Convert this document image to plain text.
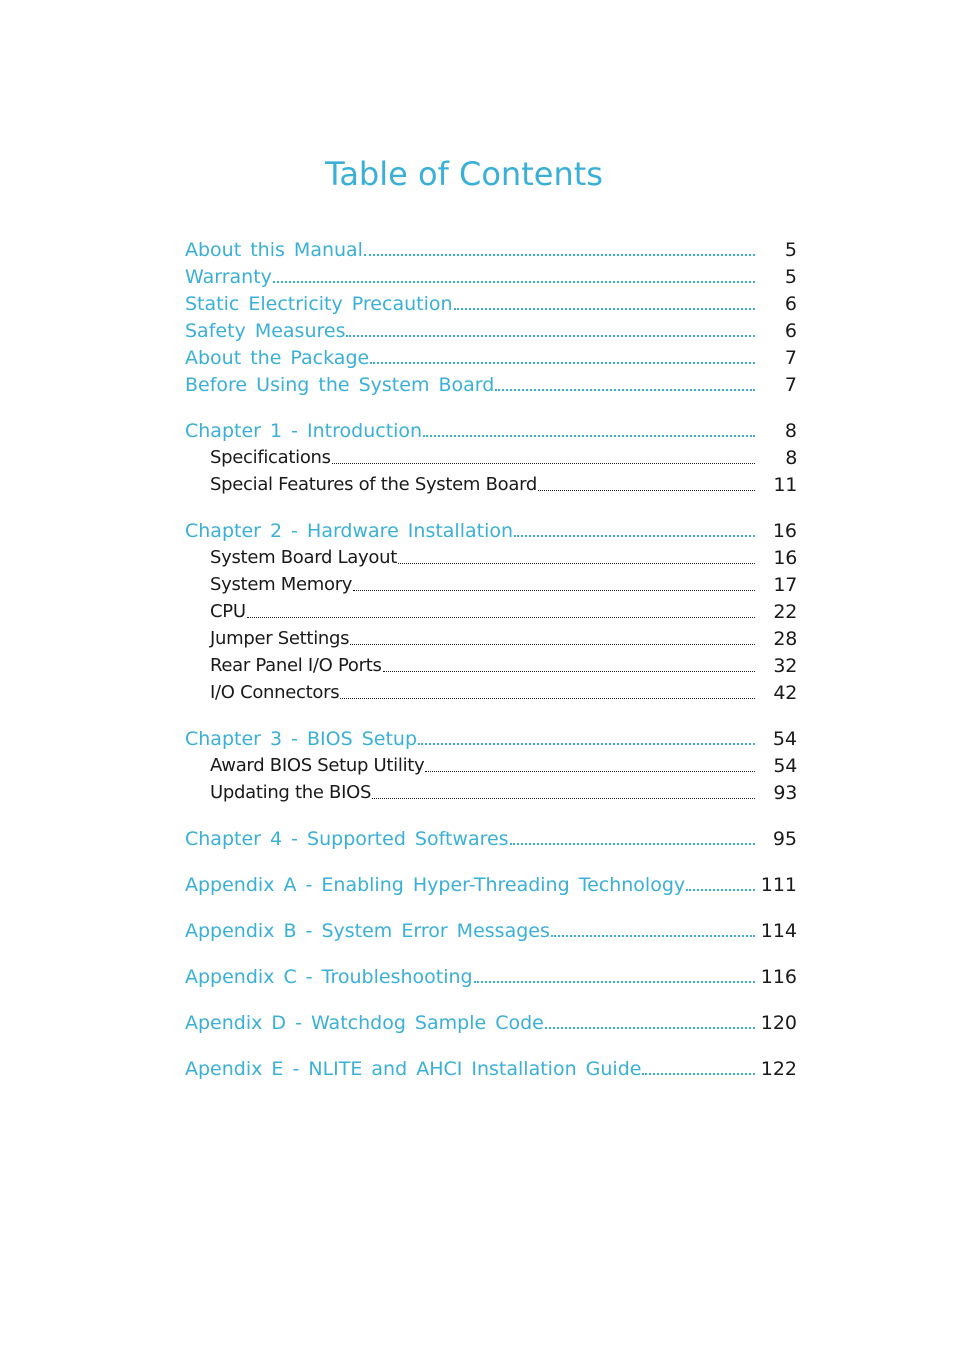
Table of Contents
About this Manual	5
Warranty	5
Static Electricity Precaution	6
Safety Measures	6
About the Package	7
Before Using the System Board	7
Chapter 1 - Introduction	8
Specifications	8
Special Features of the System Board	11
Chapter 2 - Hardware Installation	16
System Board Layout	16
System Memory	17
CPU	22
Jumper Settings	28
Rear Panel I/O Ports	32
I/O Connectors	42
Chapter 3 - BIOS Setup	54
Award BIOS Setup Utility	54
Updating the BIOS	93
Chapter 4 - Supported Softwares	95
Appendix A - Enabling Hyper-Threading Technology	111
Appendix B - System Error Messages	114
Appendix C - Troubleshooting	116
Apendix D - Watchdog Sample Code	120
Apendix E - NLITE and AHCI Installation Guide	122
